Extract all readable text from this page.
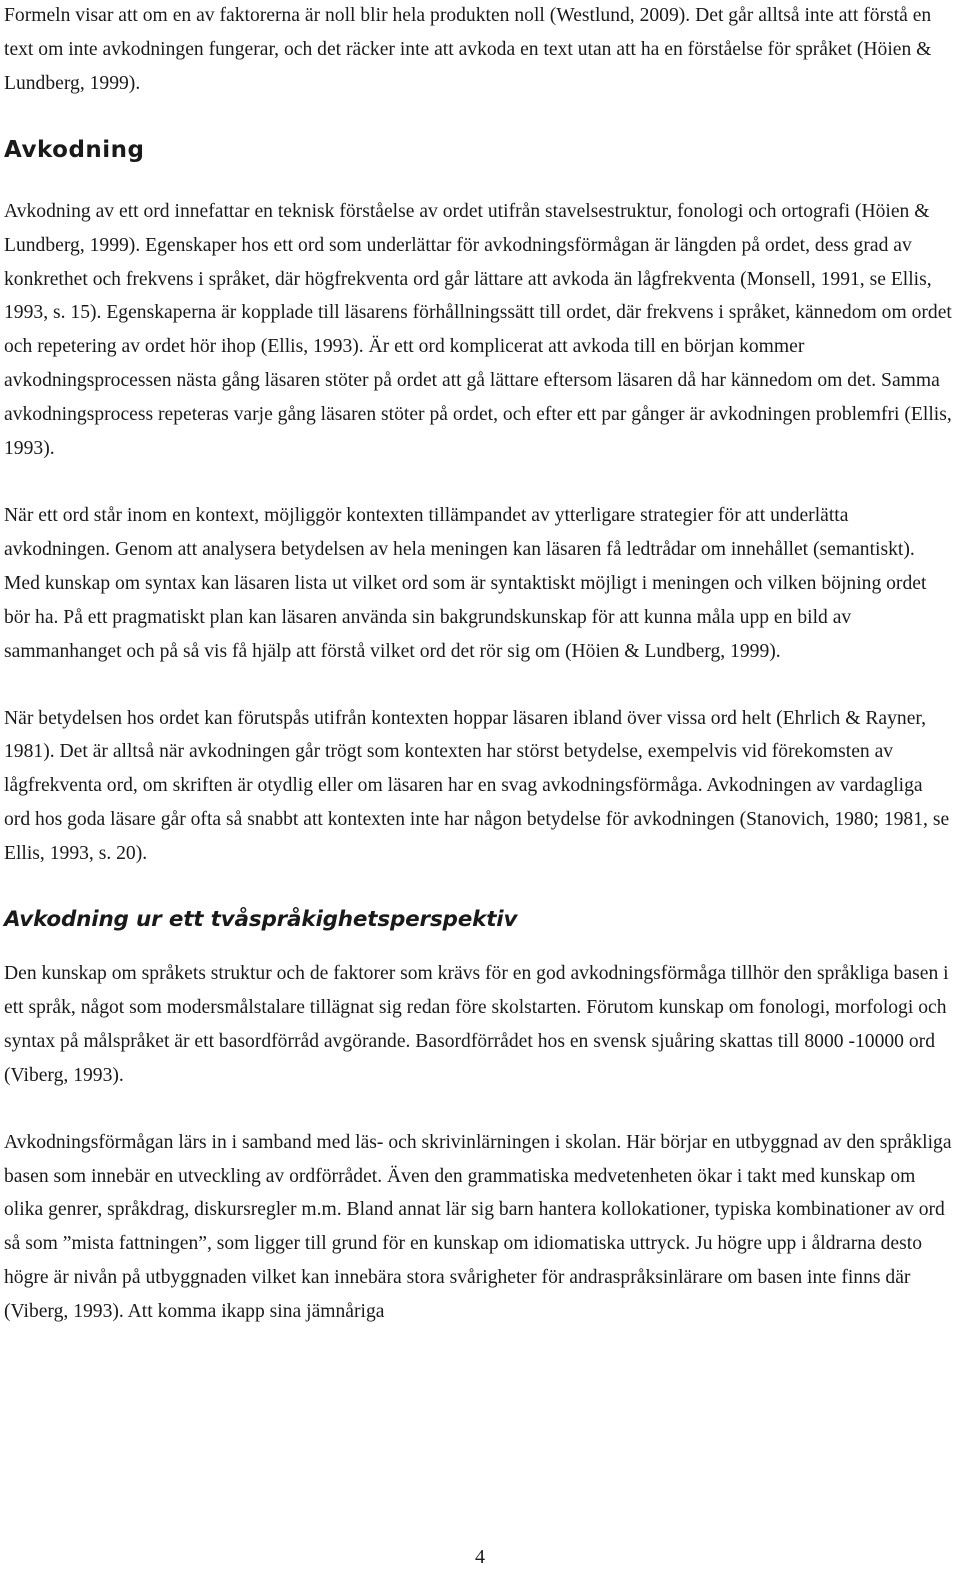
Formeln visar att om en av faktorerna är noll blir hela produkten noll (Westlund, 2009). Det går alltså inte att förstå en text om inte avkodningen fungerar, och det räcker inte att avkoda en text utan att ha en förståelse för språket (Höien & Lundberg, 1999).

Avkodning

Avkodning av ett ord innefattar en teknisk förståelse av ordet utifrån stavelsestruktur, fonologi och ortografi (Höien & Lundberg, 1999). Egenskaper hos ett ord som underlättar för avkodningsförmågan är längden på ordet, dess grad av konkrethet och frekvens i språket, där högfrekventa ord går lättare att avkoda än lågfrekventa (Monsell, 1991, se Ellis, 1993, s. 15). Egenskaperna är kopplade till läsarens förhållningssätt till ordet, där frekvens i språket, kännedom om ordet och repetering av ordet hör ihop (Ellis, 1993). Är ett ord komplicerat att avkoda till en början kommer avkodningsprocessen nästa gång läsaren stöter på ordet att gå lättare eftersom läsaren då har kännedom om det. Samma avkodningsprocess repeteras varje gång läsaren stöter på ordet, och efter ett par gånger är avkodningen problemfri (Ellis, 1993).

När ett ord står inom en kontext, möjliggör kontexten tillämpandet av ytterligare strategier för att underlätta avkodningen. Genom att analysera betydelsen av hela meningen kan läsaren få ledtrådar om innehållet (semantiskt). Med kunskap om syntax kan läsaren lista ut vilket ord som är syntaktiskt möjligt i meningen och vilken böjning ordet bör ha. På ett pragmatiskt plan kan läsaren använda sin bakgrundskunskap för att kunna måla upp en bild av sammanhanget och på så vis få hjälp att förstå vilket ord det rör sig om (Höien & Lundberg, 1999).

När betydelsen hos ordet kan förutspås utifrån kontexten hoppar läsaren ibland över vissa ord helt (Ehrlich & Rayner, 1981). Det är alltså när avkodningen går trögt som kontexten har störst betydelse, exempelvis vid förekomsten av lågfrekventa ord, om skriften är otydlig eller om läsaren har en svag avkodningsförmåga. Avkodningen av vardagliga ord hos goda läsare går ofta så snabbt att kontexten inte har någon betydelse för avkodningen (Stanovich, 1980; 1981, se Ellis, 1993, s. 20).

Avkodning ur ett tvåspråkighetsperspektiv

Den kunskap om språkets struktur och de faktorer som krävs för en god avkodningsförmåga tillhör den språkliga basen i ett språk, något som modersmålstalare tillägnat sig redan före skolstarten. Förutom kunskap om fonologi, morfologi och syntax på målspråket är ett basordförråd avgörande. Basordförrådet hos en svensk sjuåring skattas till 8000 -10000 ord (Viberg, 1993).

Avkodningsförmågan lärs in i samband med läs- och skrivinlärningen i skolan. Här börjar en utbyggnad av den språkliga basen som innebär en utveckling av ordförrådet. Även den grammatiska medvetenheten ökar i takt med kunskap om olika genrer, språkdrag, diskursregler m.m. Bland annat lär sig barn hantera kollokationer, typiska kombinationer av ord så som ”mista fattningen”, som ligger till grund för en kunskap om idiomatiska uttryck. Ju högre upp i åldrarna desto högre är nivån på utbyggnaden vilket kan innebära stora svårigheter för andraspråksinlärare om basen inte finns där (Viberg, 1993). Att komma ikapp sina jämnåriga

4
